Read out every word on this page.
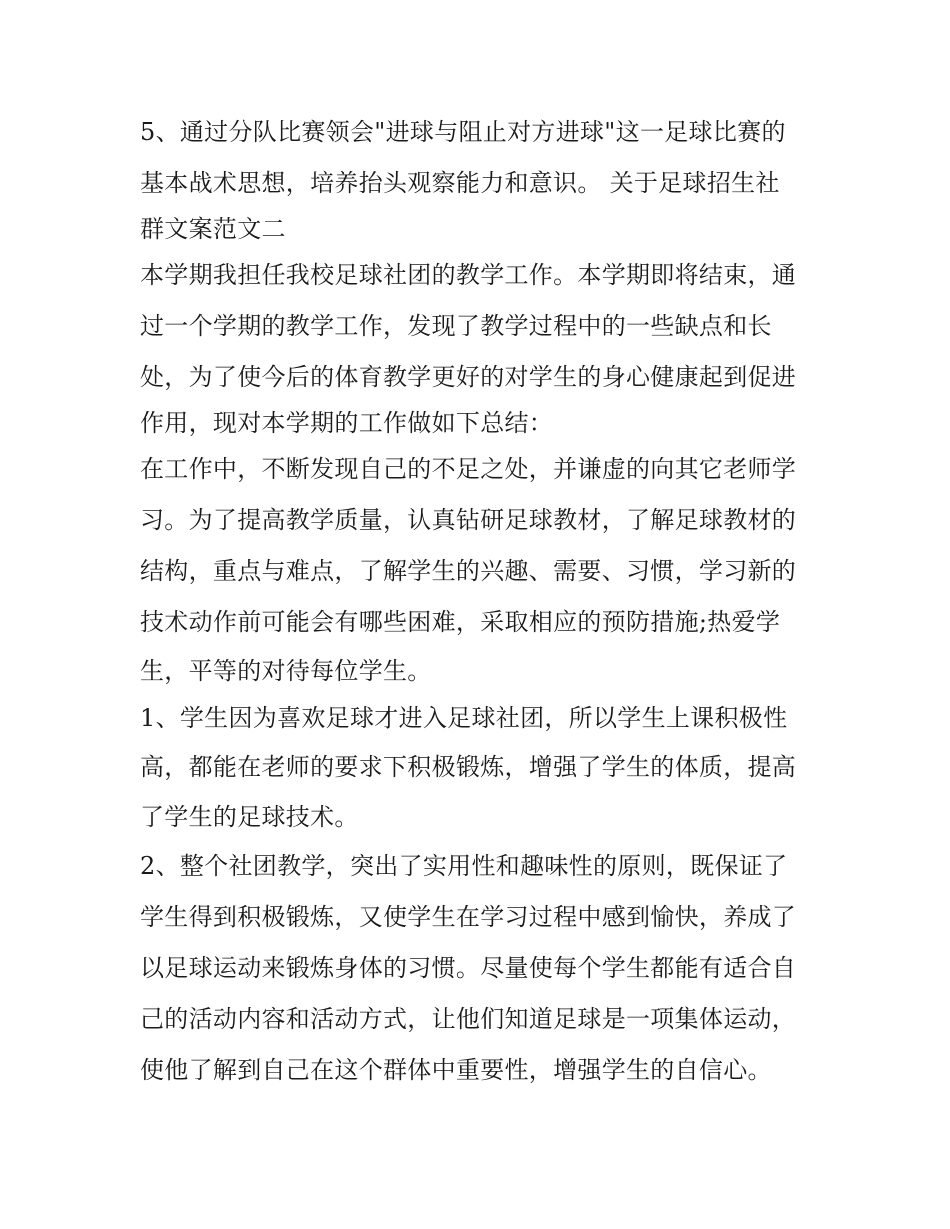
5、通过分队比赛领会"进球与阻止对方进球"这一足球比赛的
基本战术思想，培养抬头观察能力和意识。 关于足球招生社
群文案范文二
本学期我担任我校足球社团的教学工作。本学期即将结束，通
过一个学期的教学工作，发现了教学过程中的一些缺点和长
处，为了使今后的体育教学更好的对学生的身心健康起到促进
作用，现对本学期的工作做如下总结：
在工作中，不断发现自己的不足之处，并谦虚的向其它老师学
习。为了提高教学质量，认真钻研足球教材，了解足球教材的
结构，重点与难点，了解学生的兴趣、需要、习惯，学习新的
技术动作前可能会有哪些困难，采取相应的预防措施;热爱学
生，平等的对待每位学生。
1、学生因为喜欢足球才进入足球社团，所以学生上课积极性
高，都能在老师的要求下积极锻炼，增强了学生的体质，提高
了学生的足球技术。
2、整个社团教学，突出了实用性和趣味性的原则，既保证了
学生得到积极锻炼，又使学生在学习过程中感到愉快，养成了
以足球运动来锻炼身体的习惯。尽量使每个学生都能有适合自
己的活动内容和活动方式，让他们知道足球是一项集体运动，
使他了解到自己在这个群体中重要性，增强学生的自信心。
